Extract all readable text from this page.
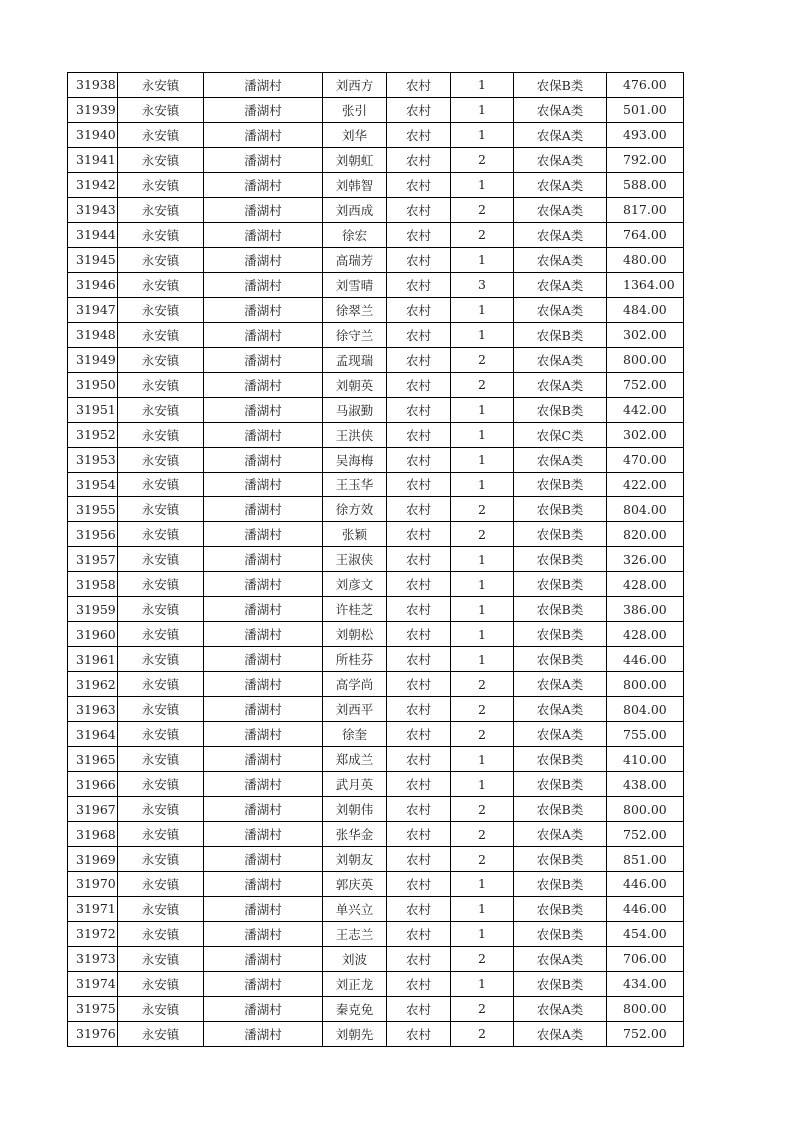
31938	永安镇	潘湖村	刘西方	农村	1	农保B类	476.00
31939	永安镇	潘湖村	张引	农村	1	农保A类	501.00
31940	永安镇	潘湖村	刘华	农村	1	农保A类	493.00
31941	永安镇	潘湖村	刘朝虹	农村	2	农保A类	792.00
31942	永安镇	潘湖村	刘韩智	农村	1	农保A类	588.00
31943	永安镇	潘湖村	刘西成	农村	2	农保A类	817.00
31944	永安镇	潘湖村	徐宏	农村	2	农保A类	764.00
31945	永安镇	潘湖村	高瑞芳	农村	1	农保A类	480.00
31946	永安镇	潘湖村	刘雪晴	农村	3	农保A类	1364.00
31947	永安镇	潘湖村	徐翠兰	农村	1	农保A类	484.00
31948	永安镇	潘湖村	徐守兰	农村	1	农保B类	302.00
31949	永安镇	潘湖村	孟现瑞	农村	2	农保A类	800.00
31950	永安镇	潘湖村	刘朝英	农村	2	农保A类	752.00
31951	永安镇	潘湖村	马淑勤	农村	1	农保B类	442.00
31952	永安镇	潘湖村	王洪侠	农村	1	农保C类	302.00
31953	永安镇	潘湖村	吴海梅	农村	1	农保A类	470.00
31954	永安镇	潘湖村	王玉华	农村	1	农保B类	422.00
31955	永安镇	潘湖村	徐方效	农村	2	农保B类	804.00
31956	永安镇	潘湖村	张颖	农村	2	农保B类	820.00
31957	永安镇	潘湖村	王淑侠	农村	1	农保B类	326.00
31958	永安镇	潘湖村	刘彦文	农村	1	农保B类	428.00
31959	永安镇	潘湖村	许桂芝	农村	1	农保B类	386.00
31960	永安镇	潘湖村	刘朝松	农村	1	农保B类	428.00
31961	永安镇	潘湖村	所桂芬	农村	1	农保B类	446.00
31962	永安镇	潘湖村	高学尚	农村	2	农保A类	800.00
31963	永安镇	潘湖村	刘西平	农村	2	农保A类	804.00
31964	永安镇	潘湖村	徐奎	农村	2	农保A类	755.00
31965	永安镇	潘湖村	郑成兰	农村	1	农保B类	410.00
31966	永安镇	潘湖村	武月英	农村	1	农保B类	438.00
31967	永安镇	潘湖村	刘朝伟	农村	2	农保B类	800.00
31968	永安镇	潘湖村	张华金	农村	2	农保A类	752.00
31969	永安镇	潘湖村	刘朝友	农村	2	农保B类	851.00
31970	永安镇	潘湖村	郭庆英	农村	1	农保B类	446.00
31971	永安镇	潘湖村	单兴立	农村	1	农保B类	446.00
31972	永安镇	潘湖村	王志兰	农村	1	农保B类	454.00
31973	永安镇	潘湖村	刘波	农村	2	农保A类	706.00
31974	永安镇	潘湖村	刘正龙	农村	1	农保B类	434.00
31975	永安镇	潘湖村	秦克免	农村	2	农保A类	800.00
31976	永安镇	潘湖村	刘朝先	农村	2	农保A类	752.00
